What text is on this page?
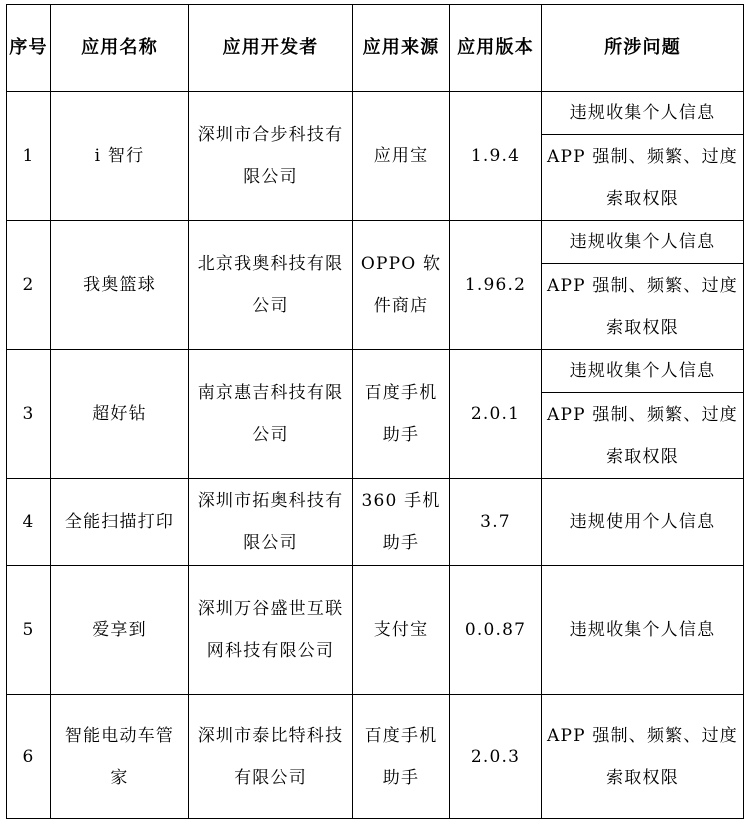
序号	应用名称	应用开发者	应用来源	应用版本	所涉问题
1	i 智行	深圳市合步科技有限公司	应用宝	1.9.4	违规收集个人信息
					APP 强制、频繁、过度索取权限
2	我奥篮球	北京我奥科技有限公司	OPPO 软件商店	1.96.2	违规收集个人信息
					APP 强制、频繁、过度索取权限
3	超好钻	南京惠吉科技有限公司	百度手机助手	2.0.1	违规收集个人信息
					APP 强制、频繁、过度索取权限
4	全能扫描打印	深圳市拓奥科技有限公司	360 手机助手	3.7	违规使用个人信息
5	爱享到	深圳万谷盛世互联网科技有限公司	支付宝	0.0.87	违规收集个人信息
6	智能电动车管家	深圳市泰比特科技有限公司	百度手机助手	2.0.3	APP 强制、频繁、过度索取权限
